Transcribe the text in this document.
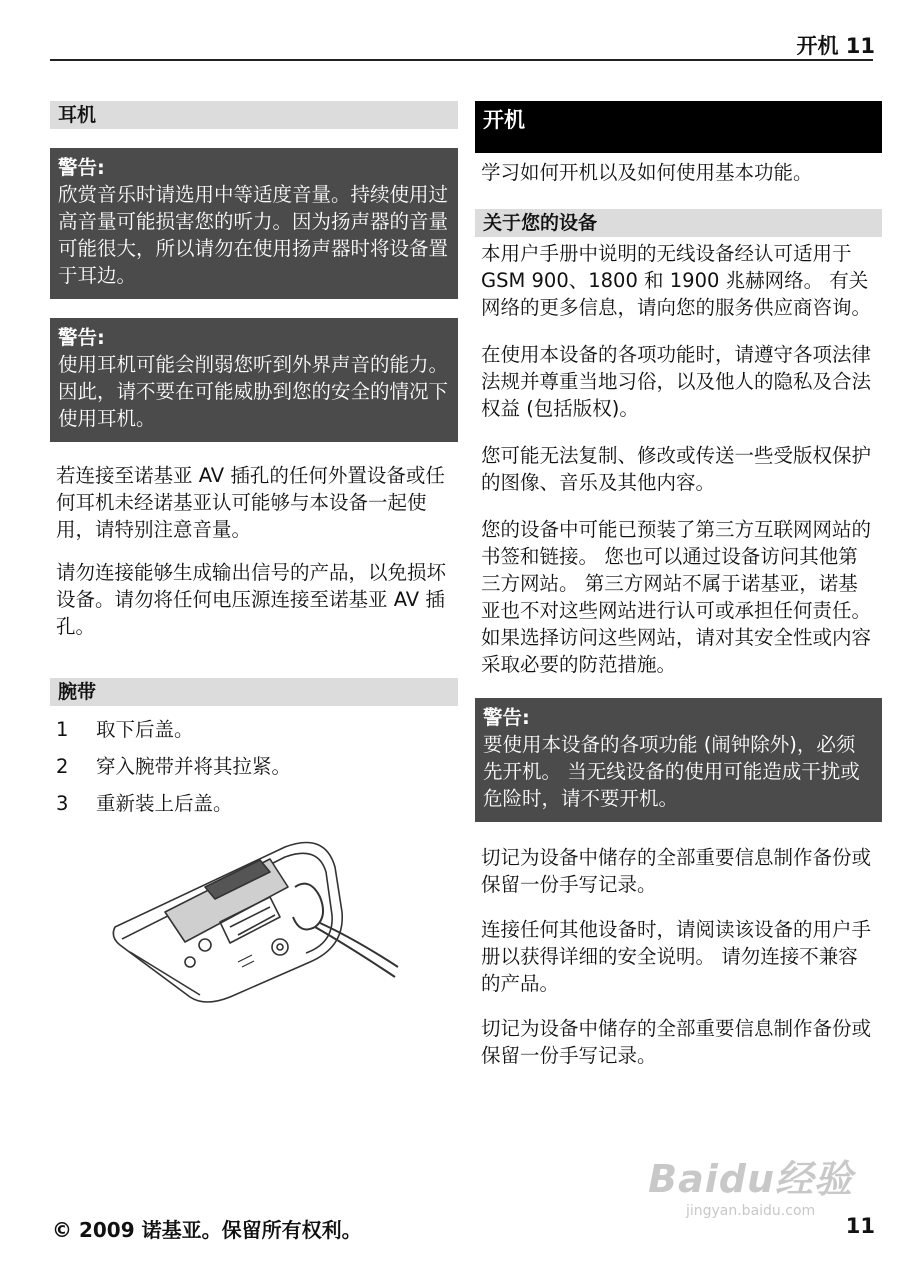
开机 11
耳机
警告:
欣赏音乐时请选用中等适度音量。持续使用过高音量可能损害您的听力。因为扬声器的音量可能很大，所以请勿在使用扬声器时将设备置于耳边。
警告:
使用耳机可能会削弱您听到外界声音的能力。因此，请不要在可能威胁到您的安全的情况下使用耳机。

若连接至诺基亚 AV 插孔的任何外置设备或任何耳机未经诺基亚认可能够与本设备一起使用，请特别注意音量。

请勿连接能够生成输出信号的产品，以免损坏设备。请勿将任何电压源连接至诺基亚 AV 插孔。

腕带
1	取下后盖。
2	穿入腕带并将其拉紧。
3	重新装上后盖。
开机

学习如何开机以及如何使用基本功能。

关于您的设备

本用户手册中说明的无线设备经认可适用于 GSM 900、1800 和 1900 兆赫网络。 有关网络的更多信息，请向您的服务供应商咨询。

在使用本设备的各项功能时，请遵守各项法律法规并尊重当地习俗，以及他人的隐私及合法权益 (包括版权)。

您可能无法复制、修改或传送一些受版权保护的图像、音乐及其他内容。

您的设备中可能已预装了第三方互联网网站的书签和链接。 您也可以通过设备访问其他第三方网站。 第三方网站不属于诺基亚，诺基亚也不对这些网站进行认可或承担任何责任。 如果选择访问这些网站，请对其安全性或内容采取必要的防范措施。

警告:
要使用本设备的各项功能 (闹钟除外)，必须先开机。 当无线设备的使用可能造成干扰或危险时，请不要开机。

切记为设备中储存的全部重要信息制作备份或保留一份手写记录。

连接任何其他设备时，请阅读该设备的用户手册以获得详细的安全说明。 请勿连接不兼容的产品。

切记为设备中储存的全部重要信息制作备份或保留一份手写记录。

Baidu经验
jingyan.baidu.com
© 2009 诺基亚。保留所有权利。	11
